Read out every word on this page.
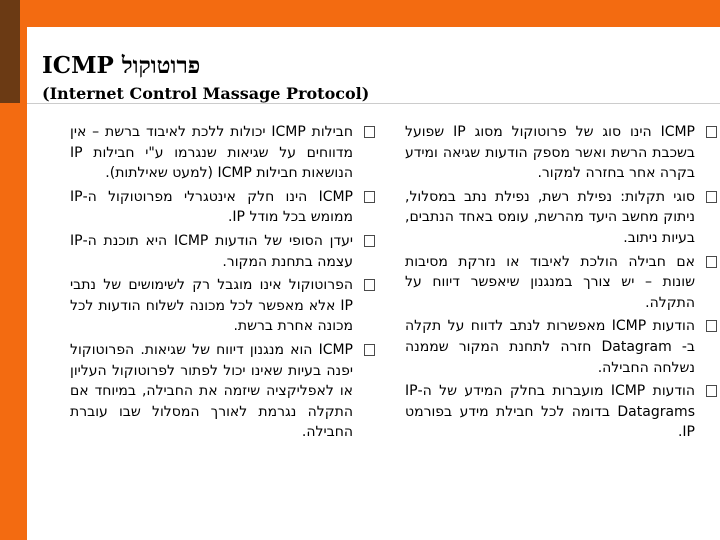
ICMP פרוטוקול
(Internet Control Massage Protocol)
ICMP הינו סוג של פרוטוקול מסוג IP שפועל בשכבת הרשת ואשר מספק הודעות שגיאה ומידע בקרה אחר בחזרה למקור.
סוגי תקלות: נפילת רשת, נפילת נתב במסלול, ניתוק מחשב היעד מהרשת, עומס באחד הנתבים, בעיות ניתוב.
אם חבילה הולכת לאיבוד או נזרקת מסיבות שונות – יש צורך במנגנון שיאפשר דיווח על התקלה.
הודעות ICMP מאפשרות לנתב לדווח על תקלה ב- Datagram חזרה לתחנת המקור שממנה נשלחה החבילה.
הודעות ICMP מועברות בחלק המידע של ה-IP Datagrams בדומה לכל חבילת מידע בפורמט IP.
חבילות ICMP יכולות ללכת לאיבוד ברשת – אין מדווחים על שגיאות שנגרמו ע"י חבילות IP הנושאות חבילות ICMP (למעט שאילתות).
ICMP הינו חלק אינטגרלי מפרוטוקול ה-IP ממומש בכל מודל IP.
יעדן הסופי של הודעות ICMP היא תוכנת ה-IP עצמה בתחנת המקור.
הפרוטוקול אינו מוגבל רק לשימושים של נתבי IP אלא מאפשר לכל מכונה לשלוח הודעות לכל מכונה אחרת ברשת.
ICMP הוא מנגנון דיווח של שגיאות. הפרוטוקול יפנה בעיות שאינו יכול לפתור לפרוטוקול העליון או לאפליקציה שיזמה את החבילה, במיוחד אם התקלה נגרמת לאורך המסלול שבו עוברת החבילה.
